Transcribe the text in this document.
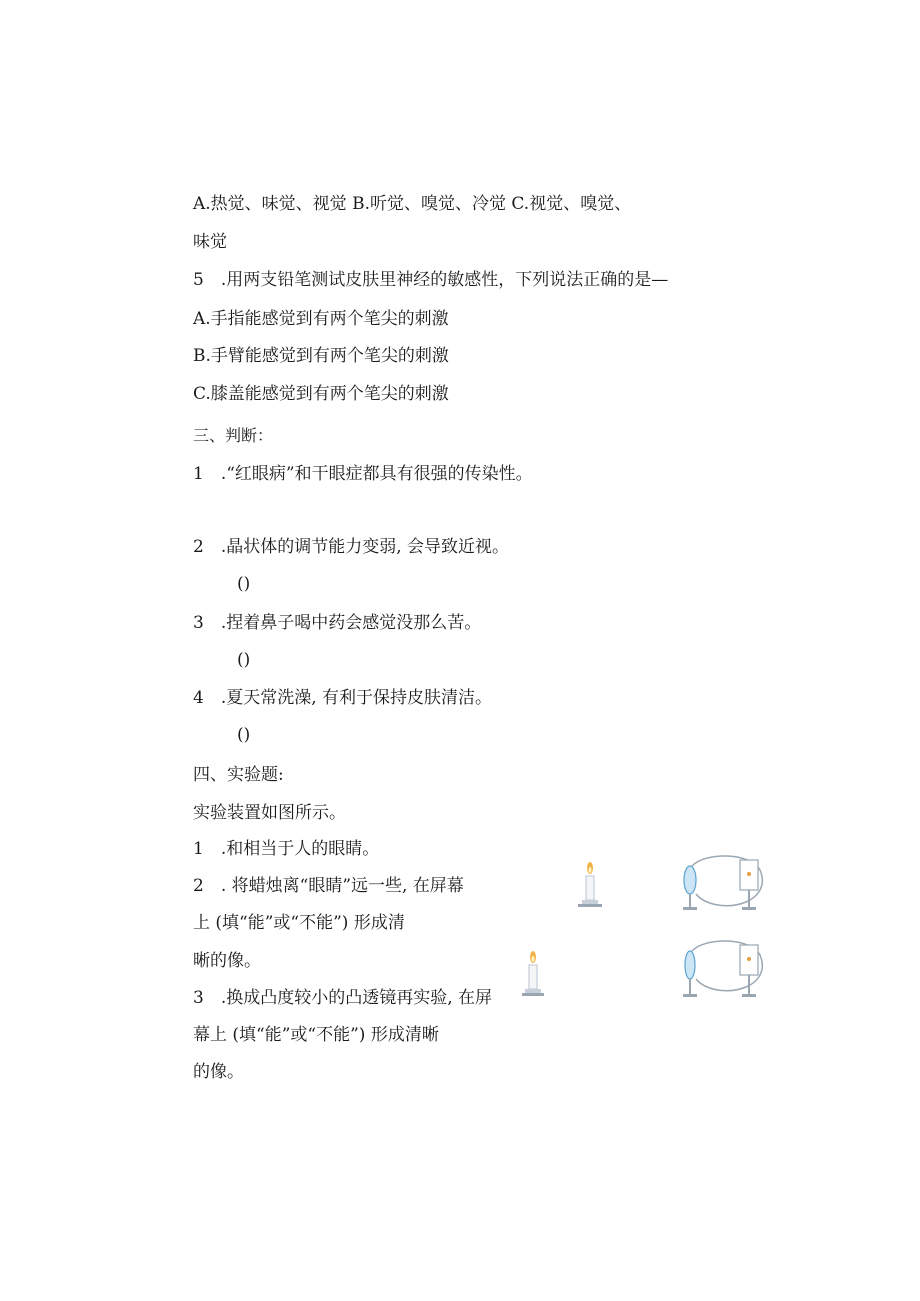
A.热觉、味觉、视觉 B.听觉、嗅觉、冷觉 C.视觉、嗅觉、
味觉
5　.用两支铅笔测试皮肤里神经的敏感性，下列说法正确的是—
A.手指能感觉到有两个笔尖的刺激
B.手臂能感觉到有两个笔尖的刺激
C.膝盖能感觉到有两个笔尖的刺激
三、判断：
1　.“红眼病”和干眼症都具有很强的传染性。
2　.晶状体的调节能力变弱, 会导致近视。
()
3　.捏着鼻子喝中药会感觉没那么苦。
()
4　.夏天常洗澡, 有利于保持皮肤清洁。
()
四、实验题:
实验装置如图所示。
1　.和相当于人的眼睛。
2　. 将蜡烛离“眼睛”远一些, 在屏幕
上 (填“能”或“不能”) 形成清
晰的像。
3　.换成凸度较小的凸透镜再实验, 在屏
幕上 (填“能”或“不能”) 形成清晰
的像。
